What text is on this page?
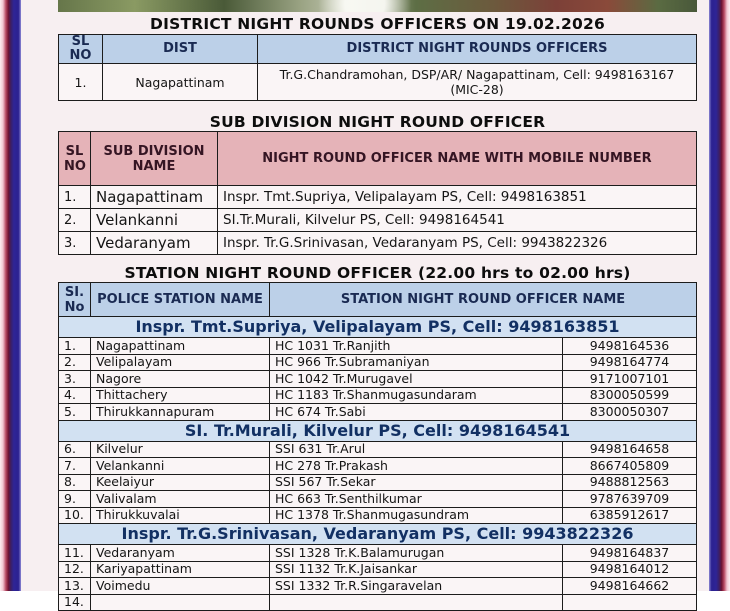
DISTRICT NIGHT ROUNDS OFFICERS ON 19.02.2026
SL NO	DIST	DISTRICT NIGHT ROUNDS OFFICERS
1.	Nagapattinam	Tr.G.Chandramohan, DSP/AR/ Nagapattinam, Cell: 9498163167 (MIC-28)
SUB DIVISION NIGHT ROUND OFFICER
SL NO	SUB DIVISION NAME	NIGHT ROUND OFFICER NAME WITH MOBILE NUMBER
1.	Nagapattinam	Inspr. Tmt.Supriya, Velipalayam PS, Cell: 9498163851
2.	Velankanni	SI.Tr.Murali, Kilvelur PS, Cell: 9498164541
3.	Vedaranyam	Inspr. Tr.G.Srinivasan, Vedaranyam PS, Cell: 9943822326
STATION NIGHT ROUND OFFICER (22.00 hrs to 02.00 hrs)
SI. No	POLICE STATION NAME	STATION NIGHT ROUND OFFICER NAME	
Inspr. Tmt.Supriya, Velipalayam PS, Cell: 9498163851			
1.	Nagapattinam	HC 1031 Tr.Ranjith	9498164536
2.	Velipalayam	HC 966 Tr.Subramaniyan	9498164774
3.	Nagore	HC 1042 Tr.Murugavel	9171007101
4.	Thittachery	HC 1183 Tr.Shanmugasundaram	8300050599
5.	Thirukkannapuram	HC 674 Tr.Sabi	8300050307
SI. Tr.Murali, Kilvelur PS, Cell: 9498164541			
6.	Kilvelur	SSI 631 Tr.Arul	9498164658
7.	Velankanni	HC 278 Tr.Prakash	8667405809
8.	Keelaiyur	SSI 567 Tr.Sekar	9488812563
9.	Valivalam	HC 663 Tr.Senthilkumar	9787639709
10.	Thirukkuvalai	HC 1378 Tr.Shanmugasundram	6385912617
Inspr. Tr.G.Srinivasan, Vedaranyam PS, Cell: 9943822326			
11.	Vedaranyam	SSI 1328 Tr.K.Balamurugan	9498164837
12.	Kariyapattinam	SSI 1132 Tr.K.Jaisankar	9498164012
13.	Voimedu	SSI 1332 Tr.R.Singaravelan	9498164662
14.			
